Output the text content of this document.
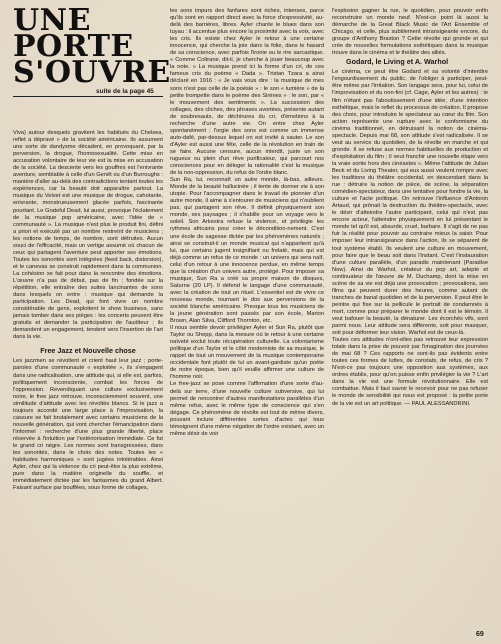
UNE
PORTE
S'OUVRE
suite de la page 45

Viva) autour desquels gravitent les habitués du Chelsea, reflet a dépravé » de la société américaine. Ils assument une sorte de dandysme décadent, en provoquant, par la perversion, la drogue, l'homosexualité. Cette mise en accusation volontaire de leur vie est la mise en accusation de la société. La descente vers les gouffres est l'enivrante aventure, semblable à celle d'un Genêt ou d'un Burroughs : manière d'aller au-delà des contradictions tentant toutes les expériences, car la beauté doit apparaître partout. La musique du Velvet est une musique de drogue, cahotante, enivrante, monstrueusement glacée parfois, fascinante pourtant. Le Grateful Dead, lui aussi, provoque l'éclatement de la musique pop américaine, avec l'idée de « communauté ». La musique n'est plus le produit fini, défini a priori et exécuté par un nombre restreint de musiciens ; les notions de temps, de nombre, sont détruites. Aucun souci de l'efficacité, mais un vertige assumé où chacun de ceux qui partagent l'aventure peut apporter ses émotions. Toutes les sonorités sont intégrées (feed back, distorsion), et le canevas se construit rapidement dans la communion. La cohésion se fait pour dans la rencontre des émotions. L'œuvre n'a pas de début, pas de fin ; fondée sur la répétition, elle entraîne des suites lancinantes de sons dans lesquels on entre : musique qui demande la participation. Les Dead, qui font vivre un nombre considérable de gens, exploitent le show business, sans jamais tomber dans ses pièges : les concerts peuvent être gratuits et demander la participation de l'auditeur ; ils demandent un engagement, tendent vers l'insertion de l'art dans la vie.

Free Jazz et Nouvelle chose

Les jazzmen se révoltent et crient haut leur jazz ; porte-paroles d'une communauté « exploitée », ils s'engagent dans une radicalisation, une attitude qui, si elle est, parfois, politiquement inconsciente, combat les forces de l'oppression. Revendiquant une culture exclusivement noire, le free jazz retrouve, inconsciemment souvent, une similitude d'attitude avec les révoltés blancs. Si le jazz a toujours accordé une large place à l'improvisation, la cassure se fait brutalement avec certains musiciens de la nouvelle génération, qui vont chercher l'émancipation dans l'informel : recherche d'une plus grande liberté, place réservée à l'intuition par l'extériorisation immédiate. Ce fut le grand cri nègre. Les normes sont transgressées, dans les sonorités, dans le choix des notes. Toutes les « habitudes harmoniques » sont jugées intolérables. Ainsi Ayler, chez qui la violence du cri peut-être la plus extrême, pure dans la matière originelle du souffle, et immédiatement dictée par les fantasmes du grand Albert. Faisant surface par bouffées, sous forme de collages,

les sons impurs des fanfares sont riches, intenses, parce qu'ils sont en rapport direct avec la force d'expressivité, au-delà des barrières, libres. Ayler chante le blues dans son tuyau : il accentue plus encore la proximité avec la voix, avec les cris. Ils existe chez Ayler le retour à une certaine innocence, qui cherche la joie dans la folie, dans le hasard de sa conscience, avec parfois l'ironie ou le rire sarcastique. « Comme Coltrane, dit-il, je cherche à jouer beaucoup avec la note. » La musique prend ici la forme d'un cri, de ces fameux cris du poème « Dada ». Tristan Tzara a ainsi déclaré en 1916 : « Je vais vous dire : la musique de mes sons n'est pas celle de la poésie » : le son « lumière » de la petite trompette dans le poème des Sirènes » : le son, par « le mouvement des sentiments ». La succession des collages, des cliches, des phrases avortées, présente autant de soubresauts, de déchirures du cri, d'émotions à la recherche d'une autre vie. On entre chez Ayler spontanément ; l'orgie des sons est comme un immense auto-dafé, par-dessus lequel on est invité à sauter. Le son d'Ayler est aussi une fête, celle de la révolution en train de se faire. Aucune censure, aucun interdit, juste un son rugueux ou plein d'un rêve purificateur, qui parcourt nos consciences pour en déloger la rationalité c'est la musique de la non-oppression, du refus de l'ordre blanc.

Sun Ra, lui, reconnaît un autre monde, là-bas, ailleurs. Monde de la beauté hallucinée ; il tente de donner vie à son utopie. Pour l'accompagner dans le travail de pionnier d'un autre monde, il aime à s'entourer de musiciens qui n'oublient pas, qui partagent son rêve. Il définit physiquement son monde, ses paysages ; il s'habille pour un voyage vers le soleil. Son Arkestra refuse la violence, et privilégie les rythmes africains pour créer le décondition-nement. C'est une école de sagesse dictée par les phénomènes naturels ; ainsi se construit-il un monde musical qui n'appartient qu'à lui, que certains jugent insignifiant ou frelaté, mais qui est déjà comme un refus de ce monde : un univers qui sera naïf, celui d'un retour à une innocence perdue, en même temps que la création d'un univers autre, protégé. Pour imposer sa musique, Sun Ra a créé sa propre maison de disques, Saturne (20 LP). Il défend le langage d'une communauté, avec la création de tout un rituel. L'essentiel est de vivre ce nouveau monde, tournant le dos aux perversions de la société blanche américaine. Presque tous les musiciens de la jeune génération sont passés par son école, Marion Brown, Alan Silva, Clifford Thornton, etc.

Il nous semble devoir privilégier Ayler et Sun Ra, plutôt que Taylor ou Shepp, dans la mesure où le retour à une certaine naïveté exclut toute récupération culturelle. La volontarisme politique d'un Taylor et le côté moderniste de sa musique, le rappel de tout un mouvement de la musique contemporaine occidentale font plutôt de lui un avant-gardiste qu'un poète de notre époque, bien qu'il veuille affirmer une culture de l'homme noir.

Le free-jazz se pose comme l'affirmation d'une sorte d'au-delà sur terre, d'une nouvelle culture subversive, qui lui permet de rencontrer d'autres manifestations parallèles d'un même refus, avec le même type de conscience qui s'en dégage. Ce phénomène de révolte est tout de même divers, pouvant inclure différentes sortes d'actes qui tous témoignent d'une même négation de l'ordre existant, avec un même désir de voir

l'explosion gagner la rue, le quotidien, pour pouvoir enfin reconstruire un monde neuf. N'est-ce point là aussi la démarche de la Great Black Music de l'Art Ensemble of Chicago, et celle, plus subtilement intransigeante encore, du groupe d'Anthony Braxton ? Cette révolte qui gronde et qui crée de nouvelles formulations esthétiques dans la musique trouve dans le cinéma et le théâtre des alliés.

Godard, le Living et A. Warhol

Le cinéma, ce peut être Godard et sa volonté d'interdire l'engourdissement du public, de l'obliger à participer, peut-être même par l'irritation. Son langage sera, pour lui, celui de l'improvisation et du non-fini (cf. Cage, Ayler et les autres) : le film n'étant pas l'aboutissement d'une idée, d'une intention esthétique, mais le reflet du processus de création. Il propose des choix, pour introduire le spectateur au cœur du film. Son action représente une rupture avec le conformisme du cinéma traditionnel, en détruisant la notion de cinéma-spectacle. Depuis mai 68, son attitude s'est radicalisée. Il se veut au service du quotidien, de la révolte en marche et qui gronde. Il se refuse aux normes habituelles de production et d'exploitation du film ; il veut franchir une nouvelle étape vers la vraie sortie hors des cinéastes ». Même l'attitude de Julian Beck et du Living Theater, qui eux aussi veulent rompre avec les traditions du théâtre occidental, en descendant dans la rue : détruire la notion de pièce, de scène, la séparation comédien-spectateur, dans une tentative pour fondre la vie, la culture et l'acte politique. On retrouve l'influence d'Antonin Artaud, qui prônait la destruction du théâtre-spectacle, avec le désir d'atteindre l'autre participant, celui qui n'est pas encore acteur, l'atteindre physiquement en lui présentant le monde tel qu'il est, absurde, cruel, barbare. Il s'agit de ne pas fuir la réalité pour pouvoir au contraire mieux la saisir. Pour imposer leur intransigeance dans l'action, ils se séparent de tout système établi. Ils veulent une culture en mouvement, pour faire que le beau soit dans l'instant. C'est l'instauration d'une culture parallèle, d'un paradis maintenant (Paradise Now). Ainsi de Warhol, créateur du pop art, adepte et continuateur de l'œuvre de M. Duchamp, dont la mise en scène de sa vie est déjà une provocation ; provocations, ses films qui peuvent durer des heures, comme autant de tranches de banal quotidien et de la perversion. Il peut être le peintre qui fixe sur la pellicule le portrait de condamnés à mort, comme pour préparer le monde dont il est le témoin. Il veut bafouer la beauté, la dénaturer. Les écorchés vifs, sont parmi nous. Leur attitude sera différente, soit pour masquer, soit pour déformer leur vision. Warhol est de ceux-là.

Toutes ces attitudes n'ont-elles pas retrouvé leur expression totale dans la prise de pouvoir par l'imagination des journées de mai 68 ? Ces rapports ne sont-ils pas évidents entre toutes ces formes de luttes, de constats, de refus, de cris ? N'est-ce pas toujours une opposition aux systèmes, aux ordres établis, pour qu'on puisse enfin privilégier la vie ? L'art dans la vie est une formule révolutionnaire. Elle est combattue. Mais il faut savoir le recevoir pour ne pas refuser le monde de sensibilité qui nous est proposé : la petite porte de la vie est un art politique. — PAUL ALESSANDRINI.

69
